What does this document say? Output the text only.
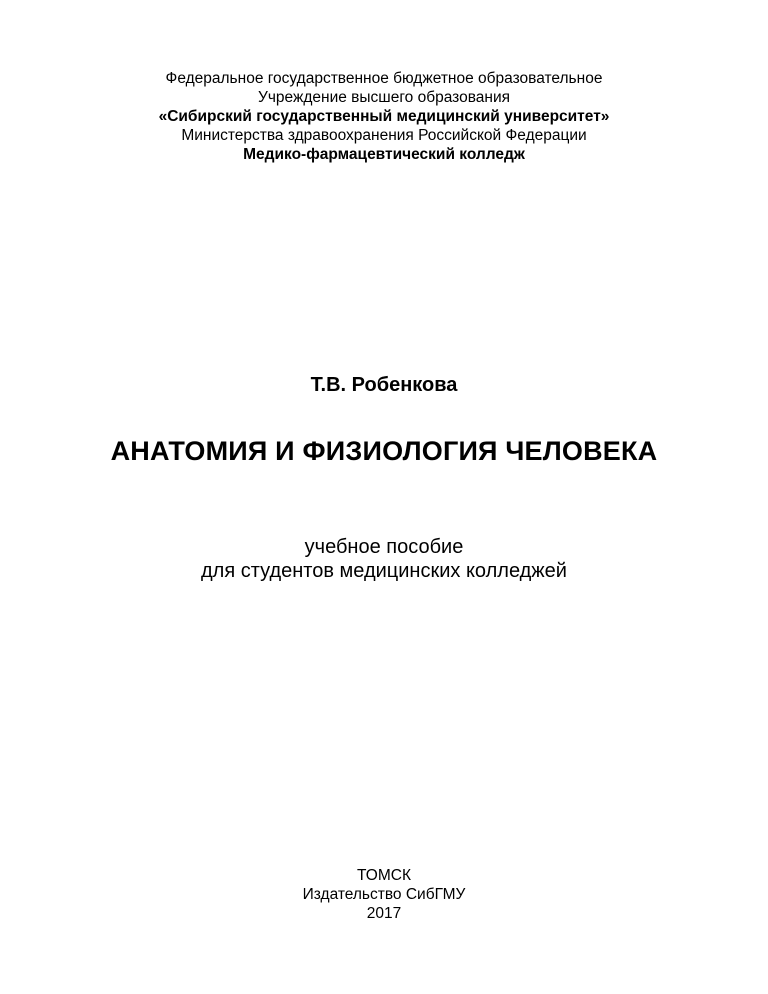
Федеральное государственное бюджетное образовательное
Учреждение высшего образования
«Сибирский государственный медицинский университет»
Министерства здравоохранения Российской Федерации
Медико-фармацевтический колледж
Т.В. Робенкова
АНАТОМИЯ И ФИЗИОЛОГИЯ ЧЕЛОВЕКА
учебное пособие
для студентов медицинских колледжей
ТОМСК
Издательство СибГМУ
2017
